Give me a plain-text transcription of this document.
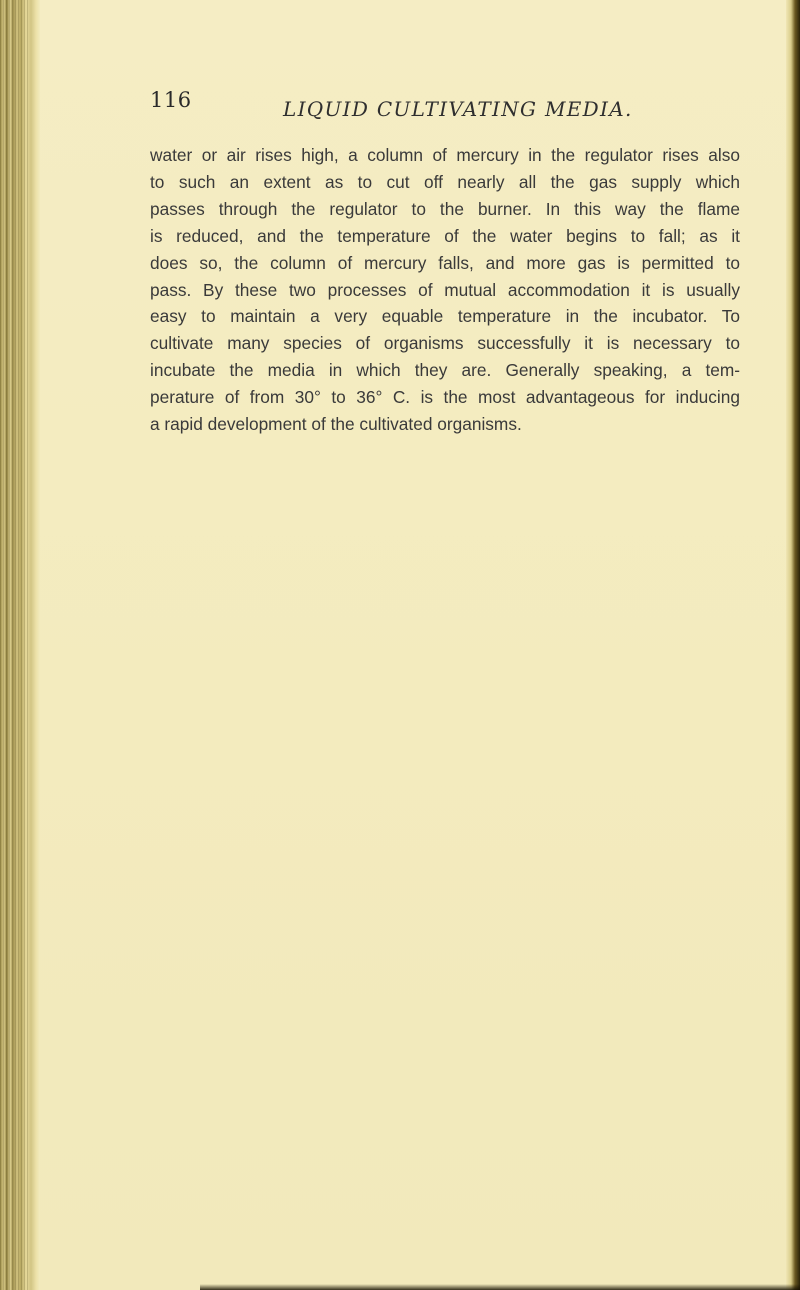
116	LIQUID CULTIVATING MEDIA.
water or air rises high, a column of mercury in the regulator rises also
to such an extent as to cut off nearly all the gas supply which
passes through the regulator to the burner. In this way the flame
is reduced, and the temperature of the water begins to fall; as it
does so, the column of mercury falls, and more gas is permitted to
pass. By these two processes of mutual accommodation it is usually
easy to maintain a very equable temperature in the incubator. To
cultivate many species of organisms successfully it is necessary to
incubate the media in which they are. Generally speaking, a tem-
perature of from 30° to 36° C. is the most advantageous for inducing
a rapid development of the cultivated organisms.
